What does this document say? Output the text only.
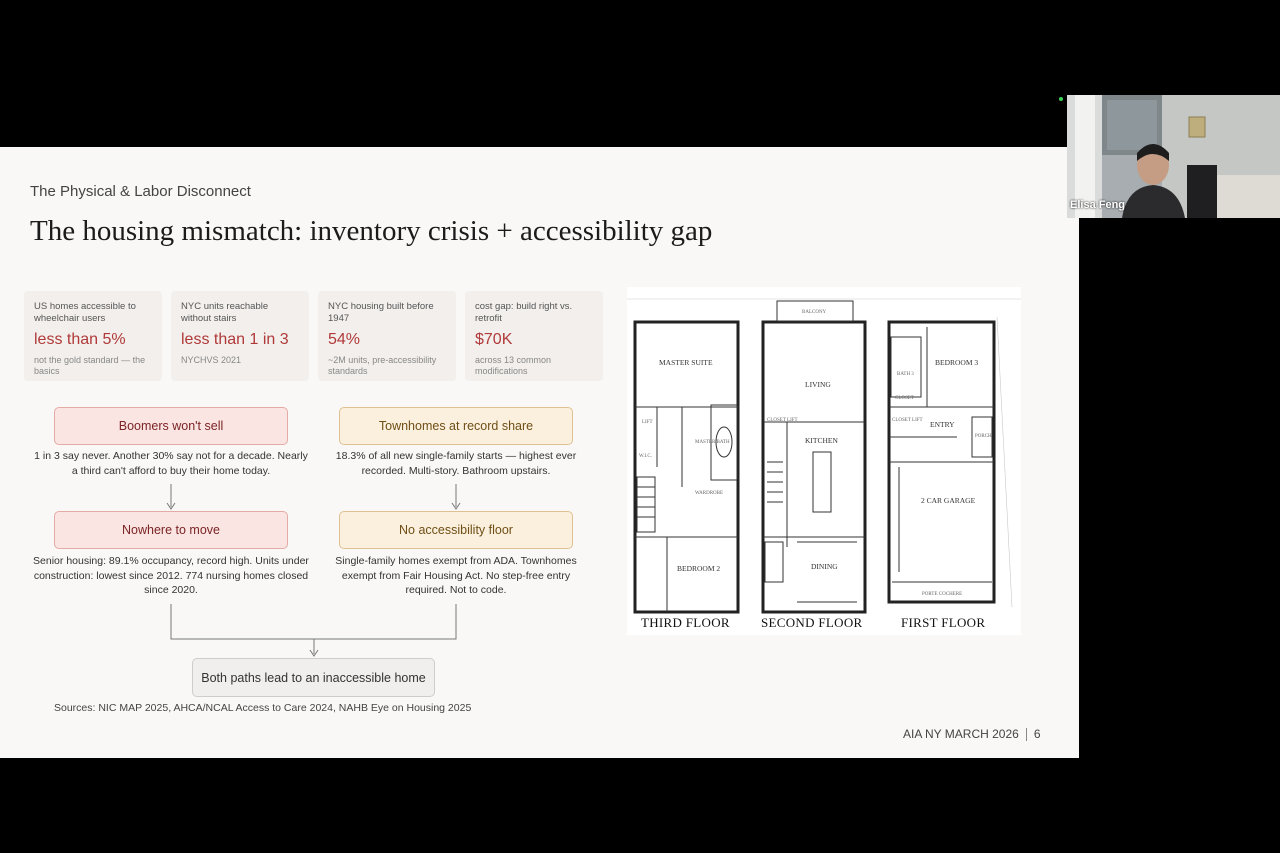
The Physical & Labor Disconnect
The housing mismatch: inventory crisis + accessibility gap
US homes accessible to wheelchair users
less than 5%
not the gold standard — the basics
NYC units reachable without stairs
less than 1 in 3
NYCHVS 2021
NYC housing built before 1947
54%
~2M units, pre-accessibility standards
cost gap: build right vs. retrofit
$70K
across 13 common modifications
Boomers won't sell
1 in 3 say never. Another 30% say not for a decade. Nearly a third can't afford to buy their home today.
Nowhere to move
Senior housing: 89.1% occupancy, record high. Units under construction: lowest since 2012. 774 nursing homes closed since 2020.
Townhomes at record share
18.3% of all new single-family starts — highest ever recorded. Multi-story. Bathroom upstairs.
No accessibility floor
Single-family homes exempt from ADA. Townhomes exempt from Fair Housing Act. No step-free entry required. Not to code.
Both paths lead to an inaccessible home
Sources: NIC MAP 2025, AHCA/NCAL Access to Care 2024, NAHB Eye on Housing 2025
AIA NY MARCH 2026 6
MASTER SUITE
BEDROOM 2
MASTER BATH
WARDROBE
LIFT
W.I.C.
THIRD FLOOR
LIVING
KITCHEN
DINING
BALCONY
CLOSET LIFT
SECOND FLOOR
BEDROOM 3
ENTRY
2 CAR GARAGE
PORTE COCHERE
CLOSET
CLOSET LIFT
BATH 3
PORCH
FIRST FLOOR
Elisa Feng
